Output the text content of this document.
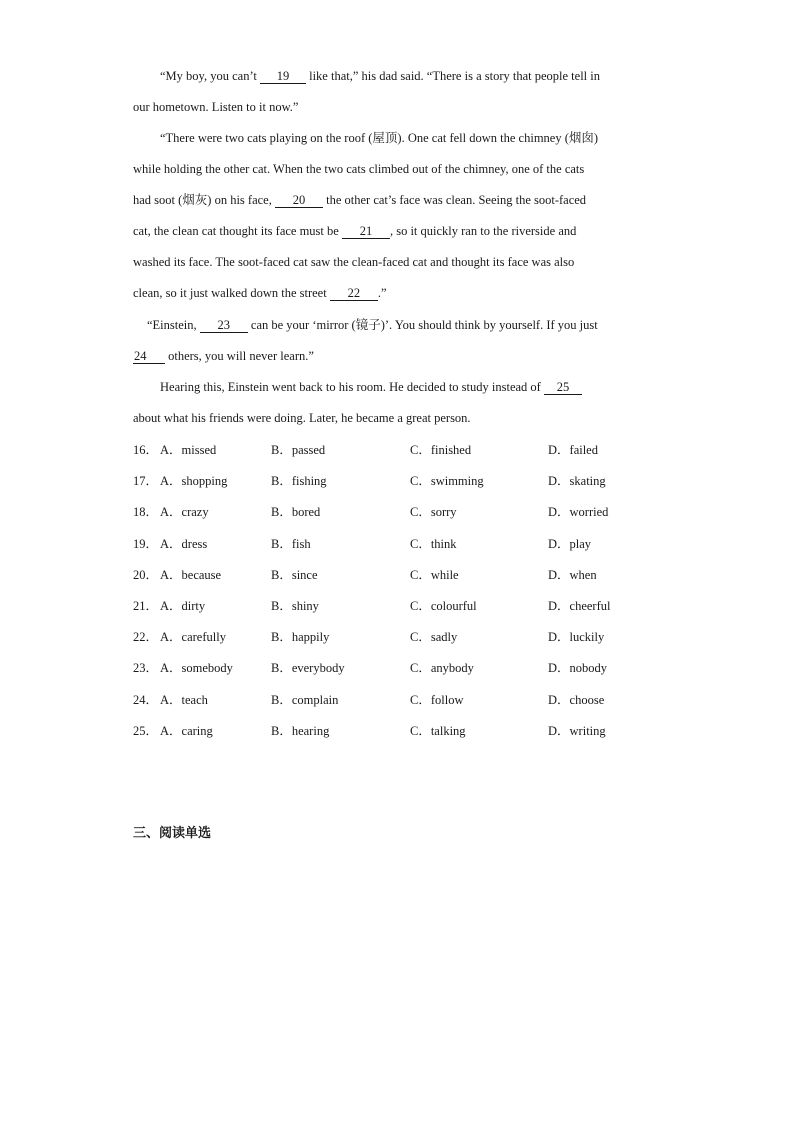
“My boy, you can’t 19 like that,” his dad said. “There is a story that people tell in
our hometown. Listen to it now.”
“There were two cats playing on the roof (屋顶). One cat fell down the chimney (烟囱)
while holding the other cat. When the two cats climbed out of the chimney, one of the cats
had soot (烟灰) on his face, 20 the other cat’s face was clean. Seeing the soot-faced
cat, the clean cat thought its face must be 21 , so it quickly ran to the riverside and
washed its face. The soot-faced cat saw the clean-faced cat and thought its face was also
clean, so it just walked down the street 22 .”
“Einstein, 23 can be your ‘mirror (镜子)’. You should think by yourself. If you just
24 others, you will never learn.”
Hearing this, Einstein went back to his room. He decided to study instead of 25
about what his friends were doing. Later, he became a great person.
16． A．missed	B．passed	C．finished	D．failed
17． A．shopping	B．fishing	C．swimming	D．skating
18． A．crazy	B．bored	C．sorry	D．worried
19． A．dress	B．fish	C．think	D．play
20． A．because	B．since	C．while	D．when
21． A．dirty	B．shiny	C．colourful	D．cheerful
22． A．carefully	B．happily	C．sadly	D．luckily
23． A．somebody	B．everybody	C．anybody	D．nobody
24． A．teach	B．complain	C．follow	D．choose
25． A．caring	B．hearing	C．talking	D．writing
三、阅读单选
